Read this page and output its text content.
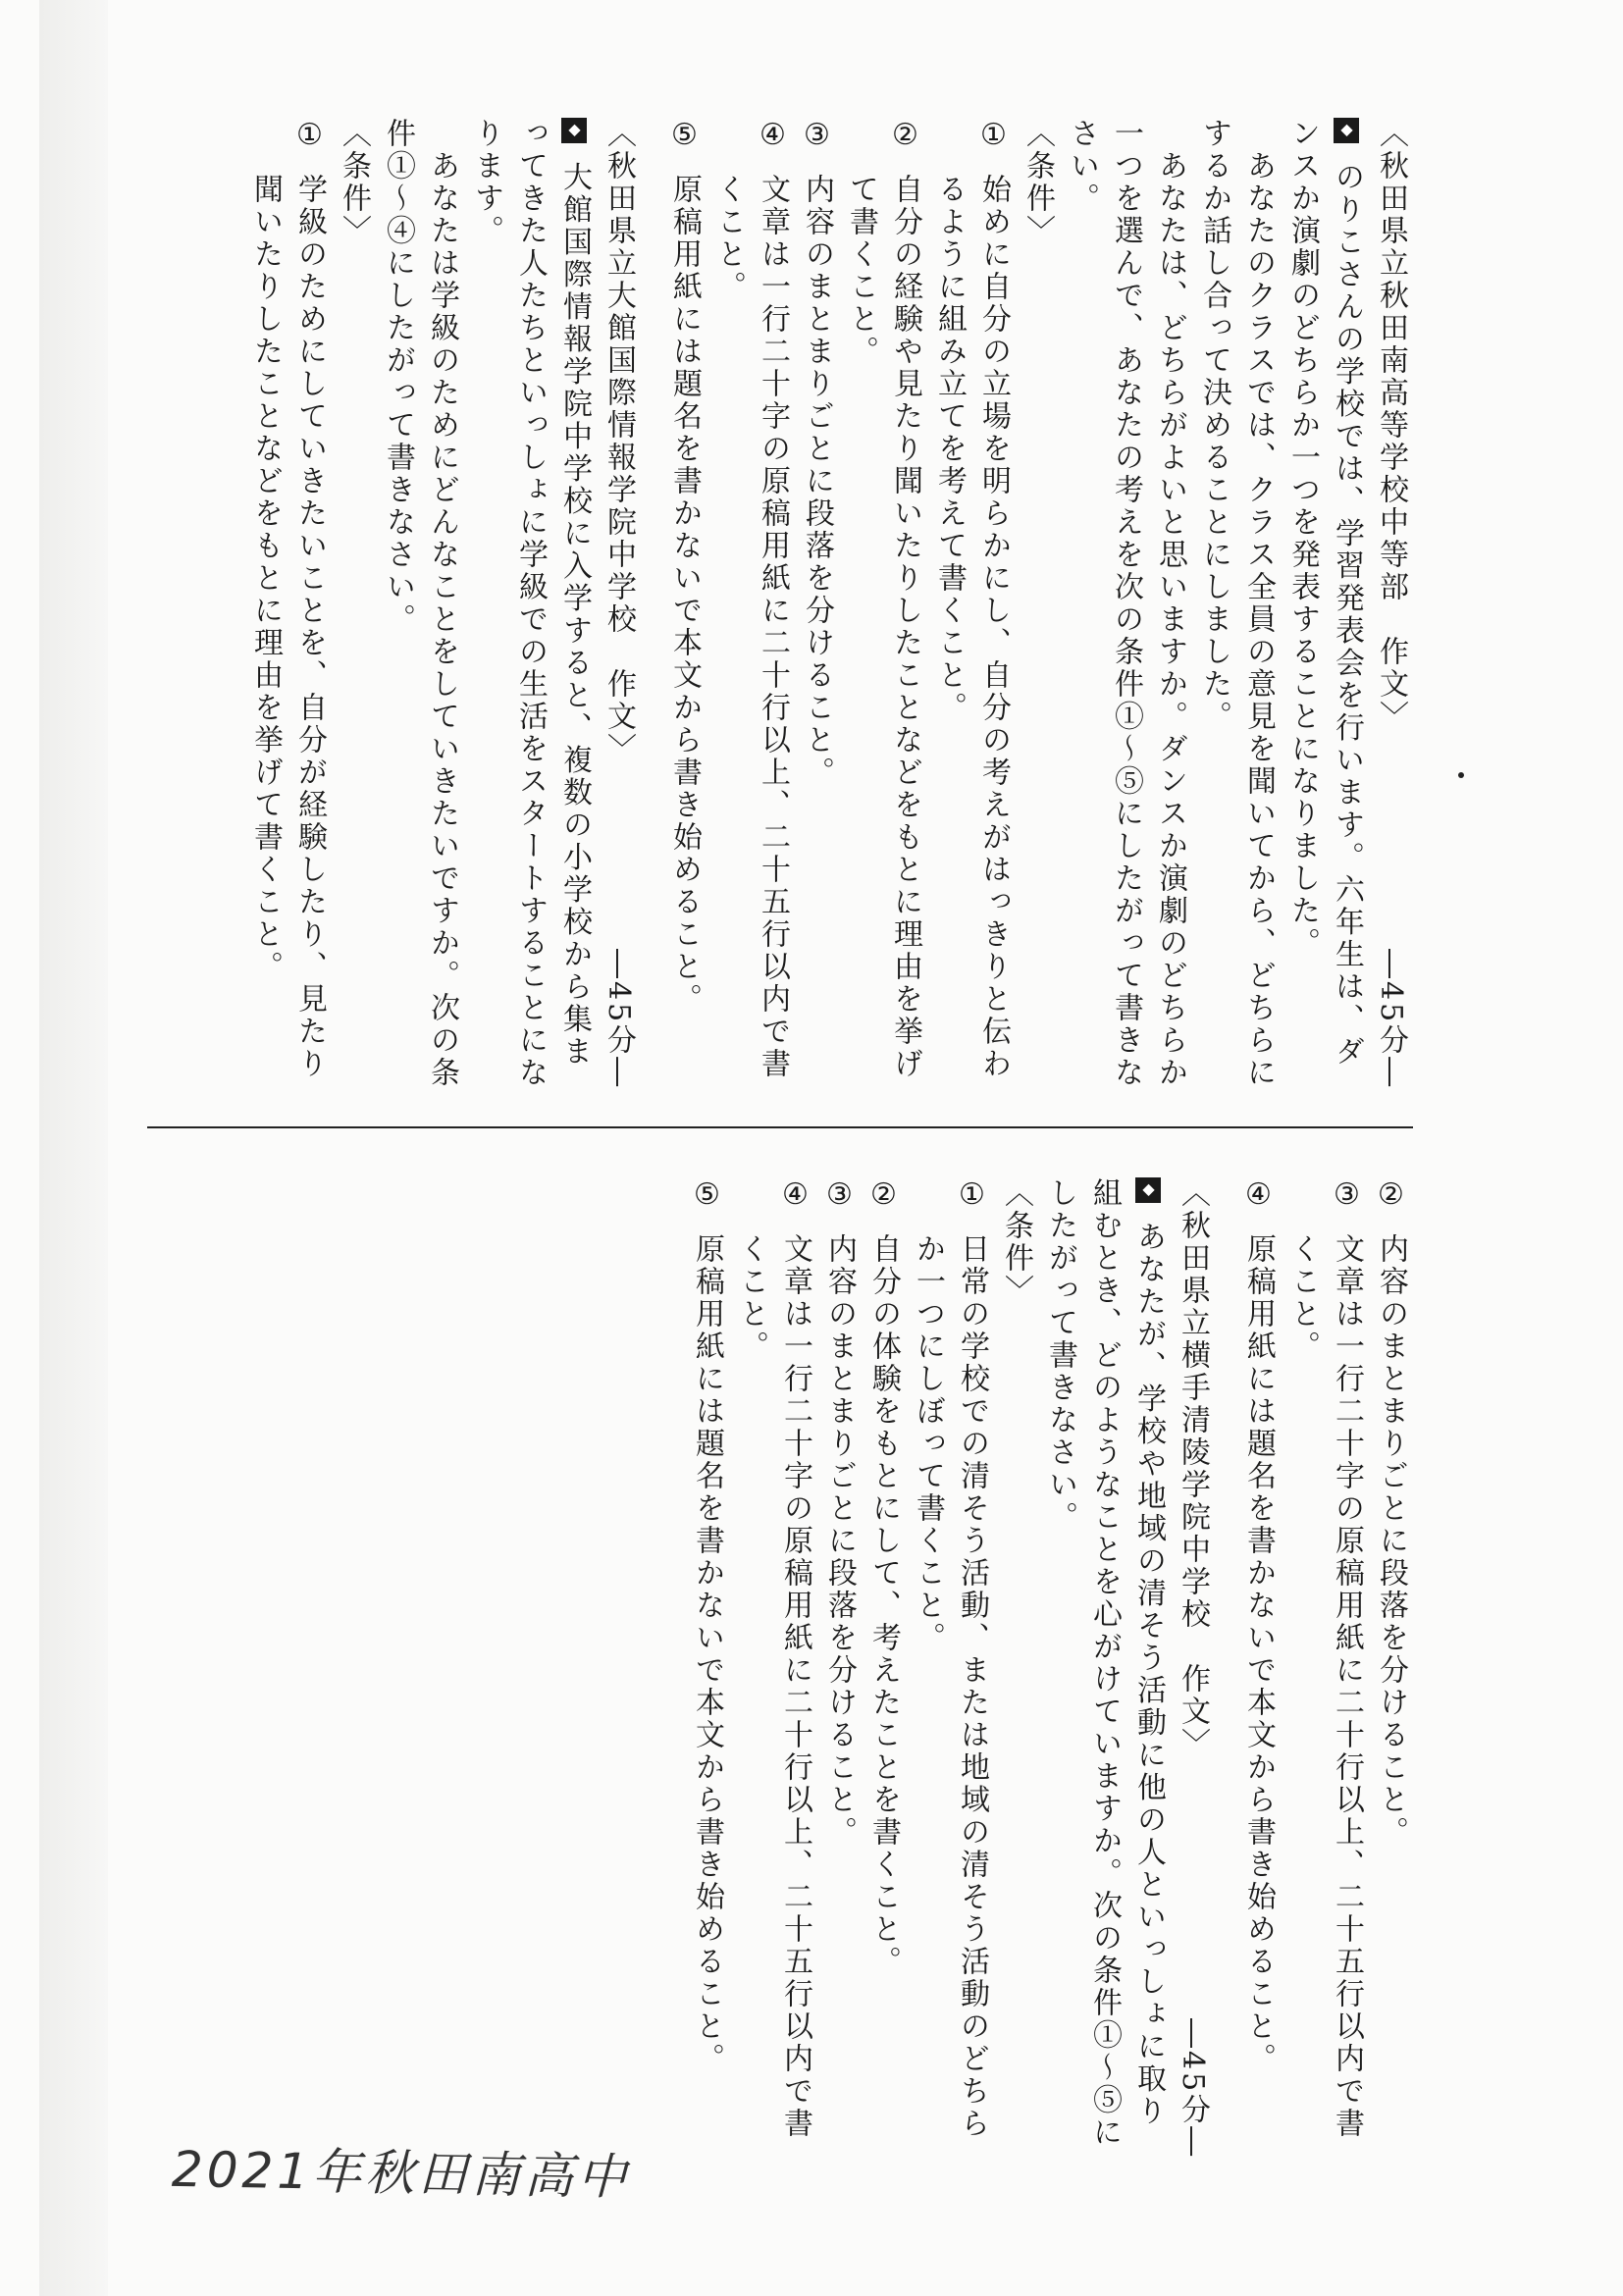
〈秋田県立秋田南高等学校中等部　作文〉
―45分―

◆ のりこさんの学校では、学習発表会を行います。六年生は、ダンスか演劇のどちらか一つを発表することになりました。

あなたのクラスでは、クラス全員の意見を聞いてから、どちらにするか話し合って決めることにしました。

あなたは、どちらがよいと思いますか。ダンスか演劇のどちらか一つを選んで、あなたの考えを次の条件①～⑤にしたがって書きなさい。

〈条件〉

①
始めに自分の立場を明らかにし、自分の考えがはっきりと伝わるように組み立てを考えて書くこと。

②
自分の経験や見たり聞いたりしたことなどをもとに理由を挙げて書くこと。

③
内容のまとまりごとに段落を分けること。

④
文章は一行二十字の原稿用紙に二十行以上、二十五行以内で書くこと。

⑤
原稿用紙には題名を書かないで本文から書き始めること。

〈秋田県立大館国際情報学院中学校　作文〉
―45分―

◆ 大館国際情報学院中学校に入学すると、複数の小学校から集まってきた人たちといっしょに学級での生活をスタートすることになります。

あなたは学級のためにどんなことをしていきたいですか。次の条件①～④にしたがって書きなさい。

〈条件〉

①
学級のためにしていきたいことを、自分が経験したり、見たり聞いたりしたことなどをもとに理由を挙げて書くこと。

②
内容のまとまりごとに段落を分けること。

③
文章は一行二十字の原稿用紙に二十行以上、二十五行以内で書くこと。

④
原稿用紙には題名を書かないで本文から書き始めること。

〈秋田県立横手清陵学院中学校　作文〉
―45分―

◆ あなたが、学校や地域の清そう活動に他の人といっしょに取り組むとき、どのようなことを心がけていますか。次の条件①～⑤にしたがって書きなさい。

〈条件〉

①
日常の学校での清そう活動、または地域の清そう活動のどちらか一つにしぼって書くこと。

②
自分の体験をもとにして、考えたことを書くこと。

③
内容のまとまりごとに段落を分けること。

④
文章は一行二十字の原稿用紙に二十行以上、二十五行以内で書くこと。

⑤
原稿用紙には題名を書かないで本文から書き始めること。

2021年秋田南高中
